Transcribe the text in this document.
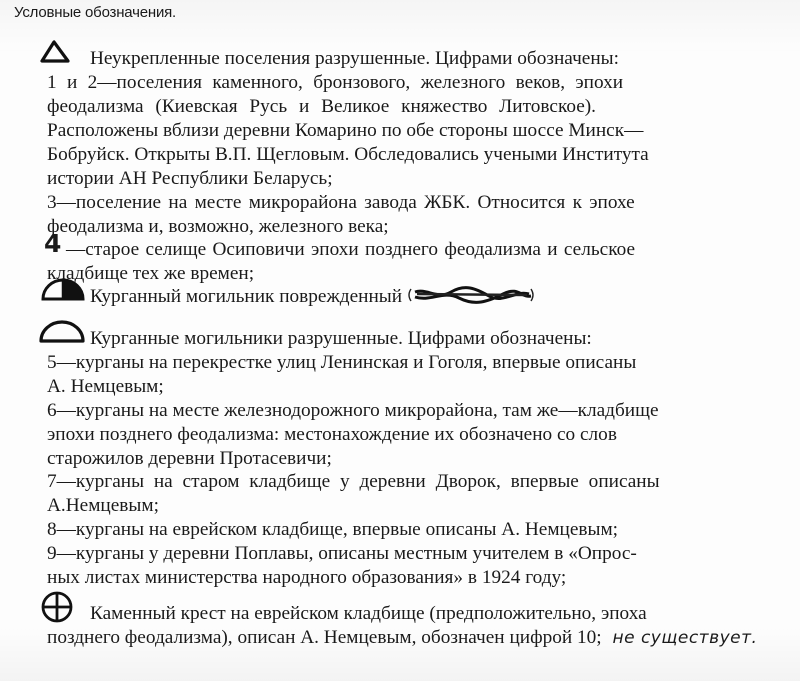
Условные обозначения.
Неукрепленные поселения разрушенные. Цифрами обозначены:
1 и 2—поселения каменного, бронзового, железного веков, эпохи
феодализма (Киевская Русь и Великое княжество Литовское).
Расположены вблизи деревни Комарино по обе стороны шоссе Минск—
Бобруйск. Открыты В.П. Щегловым. Обследовались учеными Института
истории АН Республики Беларусь;
3—поселение на месте микрорайона завода ЖБК. Относится к эпохе
феодализма и, возможно, железного века;
4 —старое селище Осиповичи эпохи позднего феодализма и сельское
кладбище тех же времен;
Курганный могильник поврежденный
Курганные могильники разрушенные. Цифрами обозначены:
5—курганы на перекрестке улиц Ленинская и Гоголя, впервые описаны
А. Немцевым;
6—курганы на месте железнодорожного микрорайона, там же—кладбище
эпохи позднего феодализма: местонахождение их обозначено со слов
старожилов деревни Протасевичи;
7—курганы на старом кладбище у деревни Дворок, впервые описаны
А.Немцевым;
8—курганы на еврейском кладбище, впервые описаны А. Немцевым;
9—курганы у деревни Поплавы, описаны местным учителем в «Опрос-
ных листах министерства народного образования» в 1924 году;
Каменный крест на еврейском кладбище (предположительно, эпоха
позднего феодализма), описан А. Немцевым, обозначен цифрой 10; не существует.
